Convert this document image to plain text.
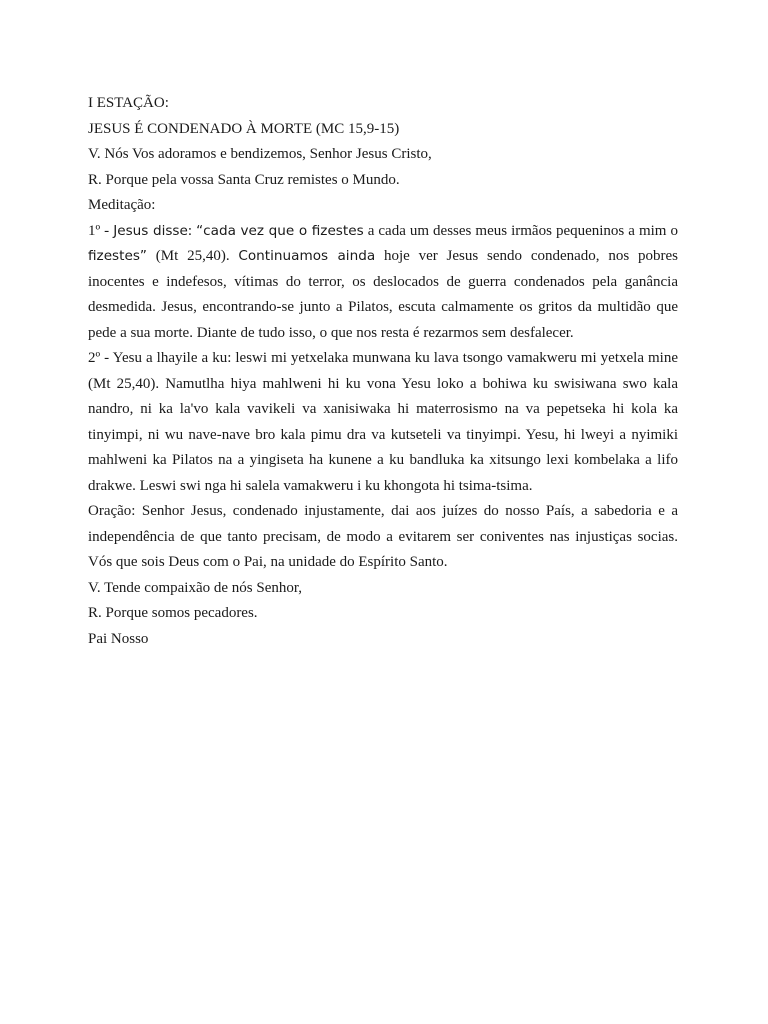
I ESTAÇÃO:

JESUS É CONDENADO À MORTE (MC 15,9-15)

V. Nós Vos adoramos e bendizemos, Senhor Jesus Cristo,

R. Porque pela vossa Santa Cruz remistes o Mundo.

Meditação:

1º - Jesus disse: “cada vez que o fizestes a cada um desses meus irmãos pequeninos a mim o fizestes” (Mt 25,40). Continuamos ainda hoje ver Jesus sendo condenado, nos pobres inocentes e indefesos, vítimas do terror, os deslocados de guerra condenados pela ganância desmedida. Jesus, encontrando-se junto a Pilatos, escuta calmamente os gritos da multidão que pede a sua morte. Diante de tudo isso, o que nos resta é rezarmos sem desfalecer.

2º - Yesu a lhayile a ku: leswi mi yetxelaka munwana ku lava tsongo vamakweru mi yetxela mine (Mt 25,40). Namutlha hiya mahlweni hi ku vona Yesu loko a bohiwa ku swisiwana swo kala nandro, ni ka la'vo kala vavikeli va xanisiwaka hi materrosismo na va pepetseka hi kola ka tinyimpi, ni wu nave-nave bro kala pimu dra va kutseteli va tinyimpi. Yesu, hi lweyi a nyimiki mahlweni ka Pilatos na a yingiseta ha kunene a ku bandluka ka xitsungo lexi kombelaka a lifo drakwe. Leswi swi nga hi salela vamakweru i ku khongota hi tsima-tsima.

Oração: Senhor Jesus, condenado injustamente, dai aos juízes do nosso País, a sabedoria e a independência de que tanto precisam, de modo a evitarem ser coniventes nas injustiças socias. Vós que sois Deus com o Pai, na unidade do Espírito Santo.

V. Tende compaixão de nós Senhor,

R. Porque somos pecadores.

Pai Nosso
